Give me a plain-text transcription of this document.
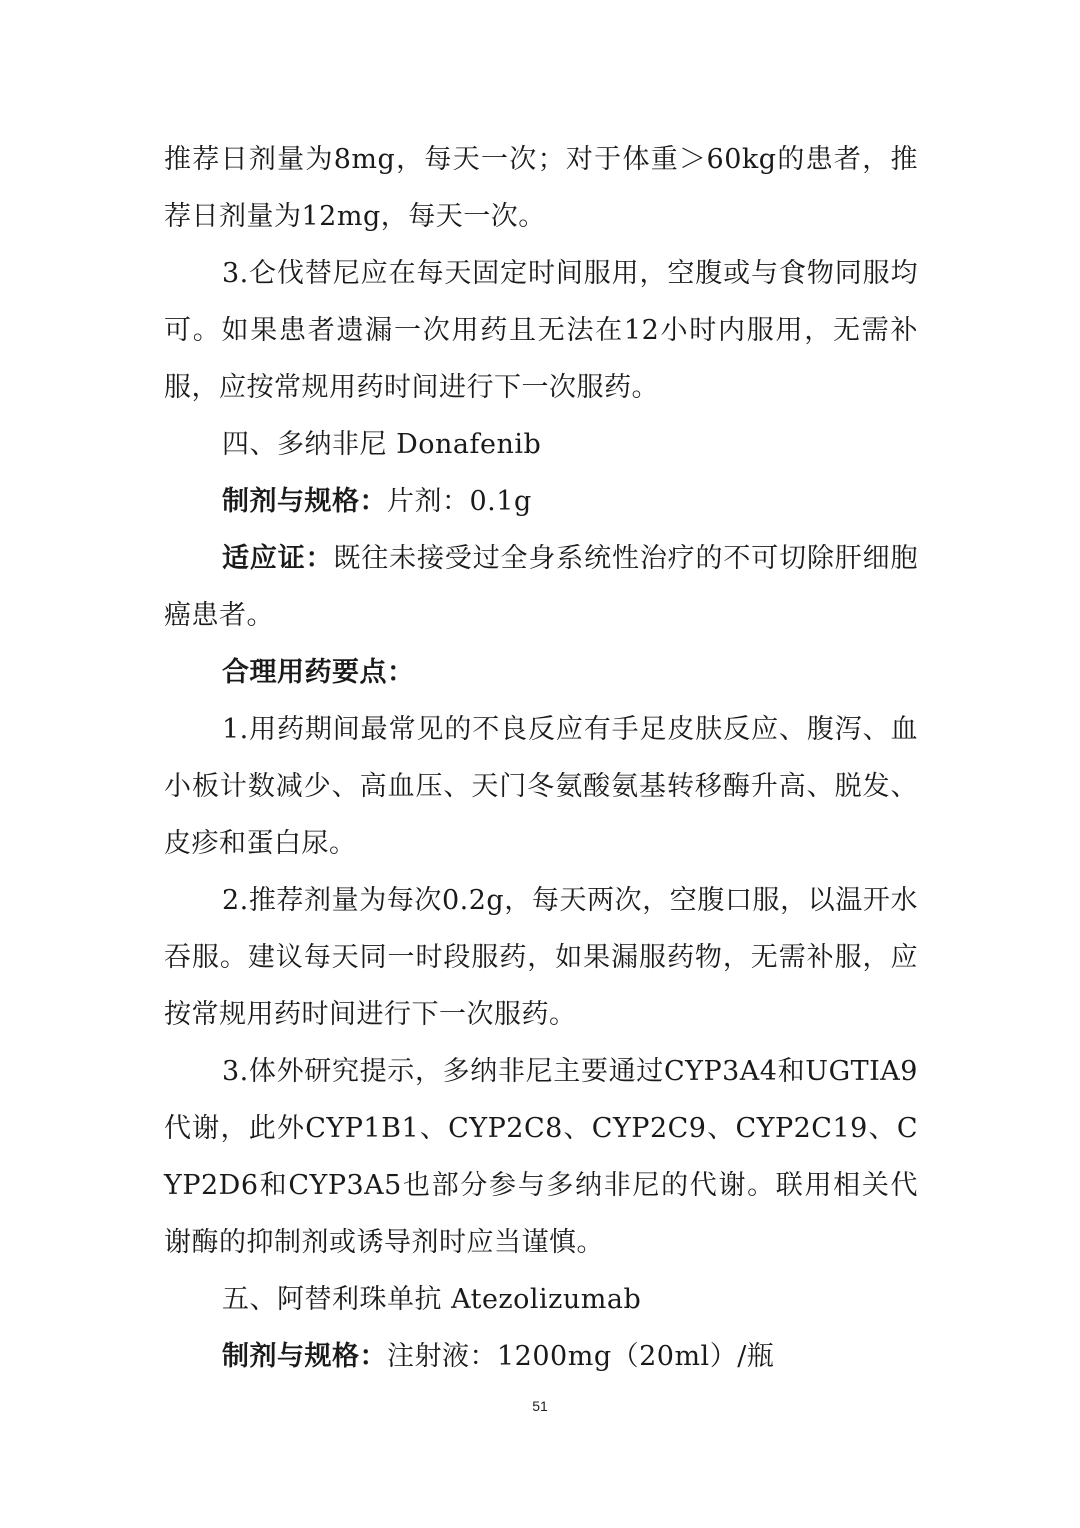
推荐日剂量为8mg，每天一次；对于体重＞60kg的患者，推荐日剂量为12mg，每天一次。

3.仑伐替尼应在每天固定时间服用，空腹或与食物同服均可。如果患者遗漏一次用药且无法在12小时内服用，无需补服，应按常规用药时间进行下一次服药。

四、多纳非尼 Donafenib

制剂与规格：片剂：0.1g

适应证：既往未接受过全身系统性治疗的不可切除肝细胞癌患者。

合理用药要点：

1.用药期间最常见的不良反应有手足皮肤反应、腹泻、血小板计数减少、高血压、天门冬氨酸氨基转移酶升高、脱发、皮疹和蛋白尿。

2.推荐剂量为每次0.2g，每天两次，空腹口服，以温开水吞服。建议每天同一时段服药，如果漏服药物，无需补服，应按常规用药时间进行下一次服药。

3.体外研究提示，多纳非尼主要通过CYP3A4和UGTIA9代谢，此外CYP1B1、CYP2C8、CYP2C9、CYP2C19、CYP2D6和CYP3A5也部分参与多纳非尼的代谢。联用相关代谢酶的抑制剂或诱导剂时应当谨慎。

五、阿替利珠单抗 Atezolizumab

制剂与规格：注射液：1200mg（20ml）/瓶

51
